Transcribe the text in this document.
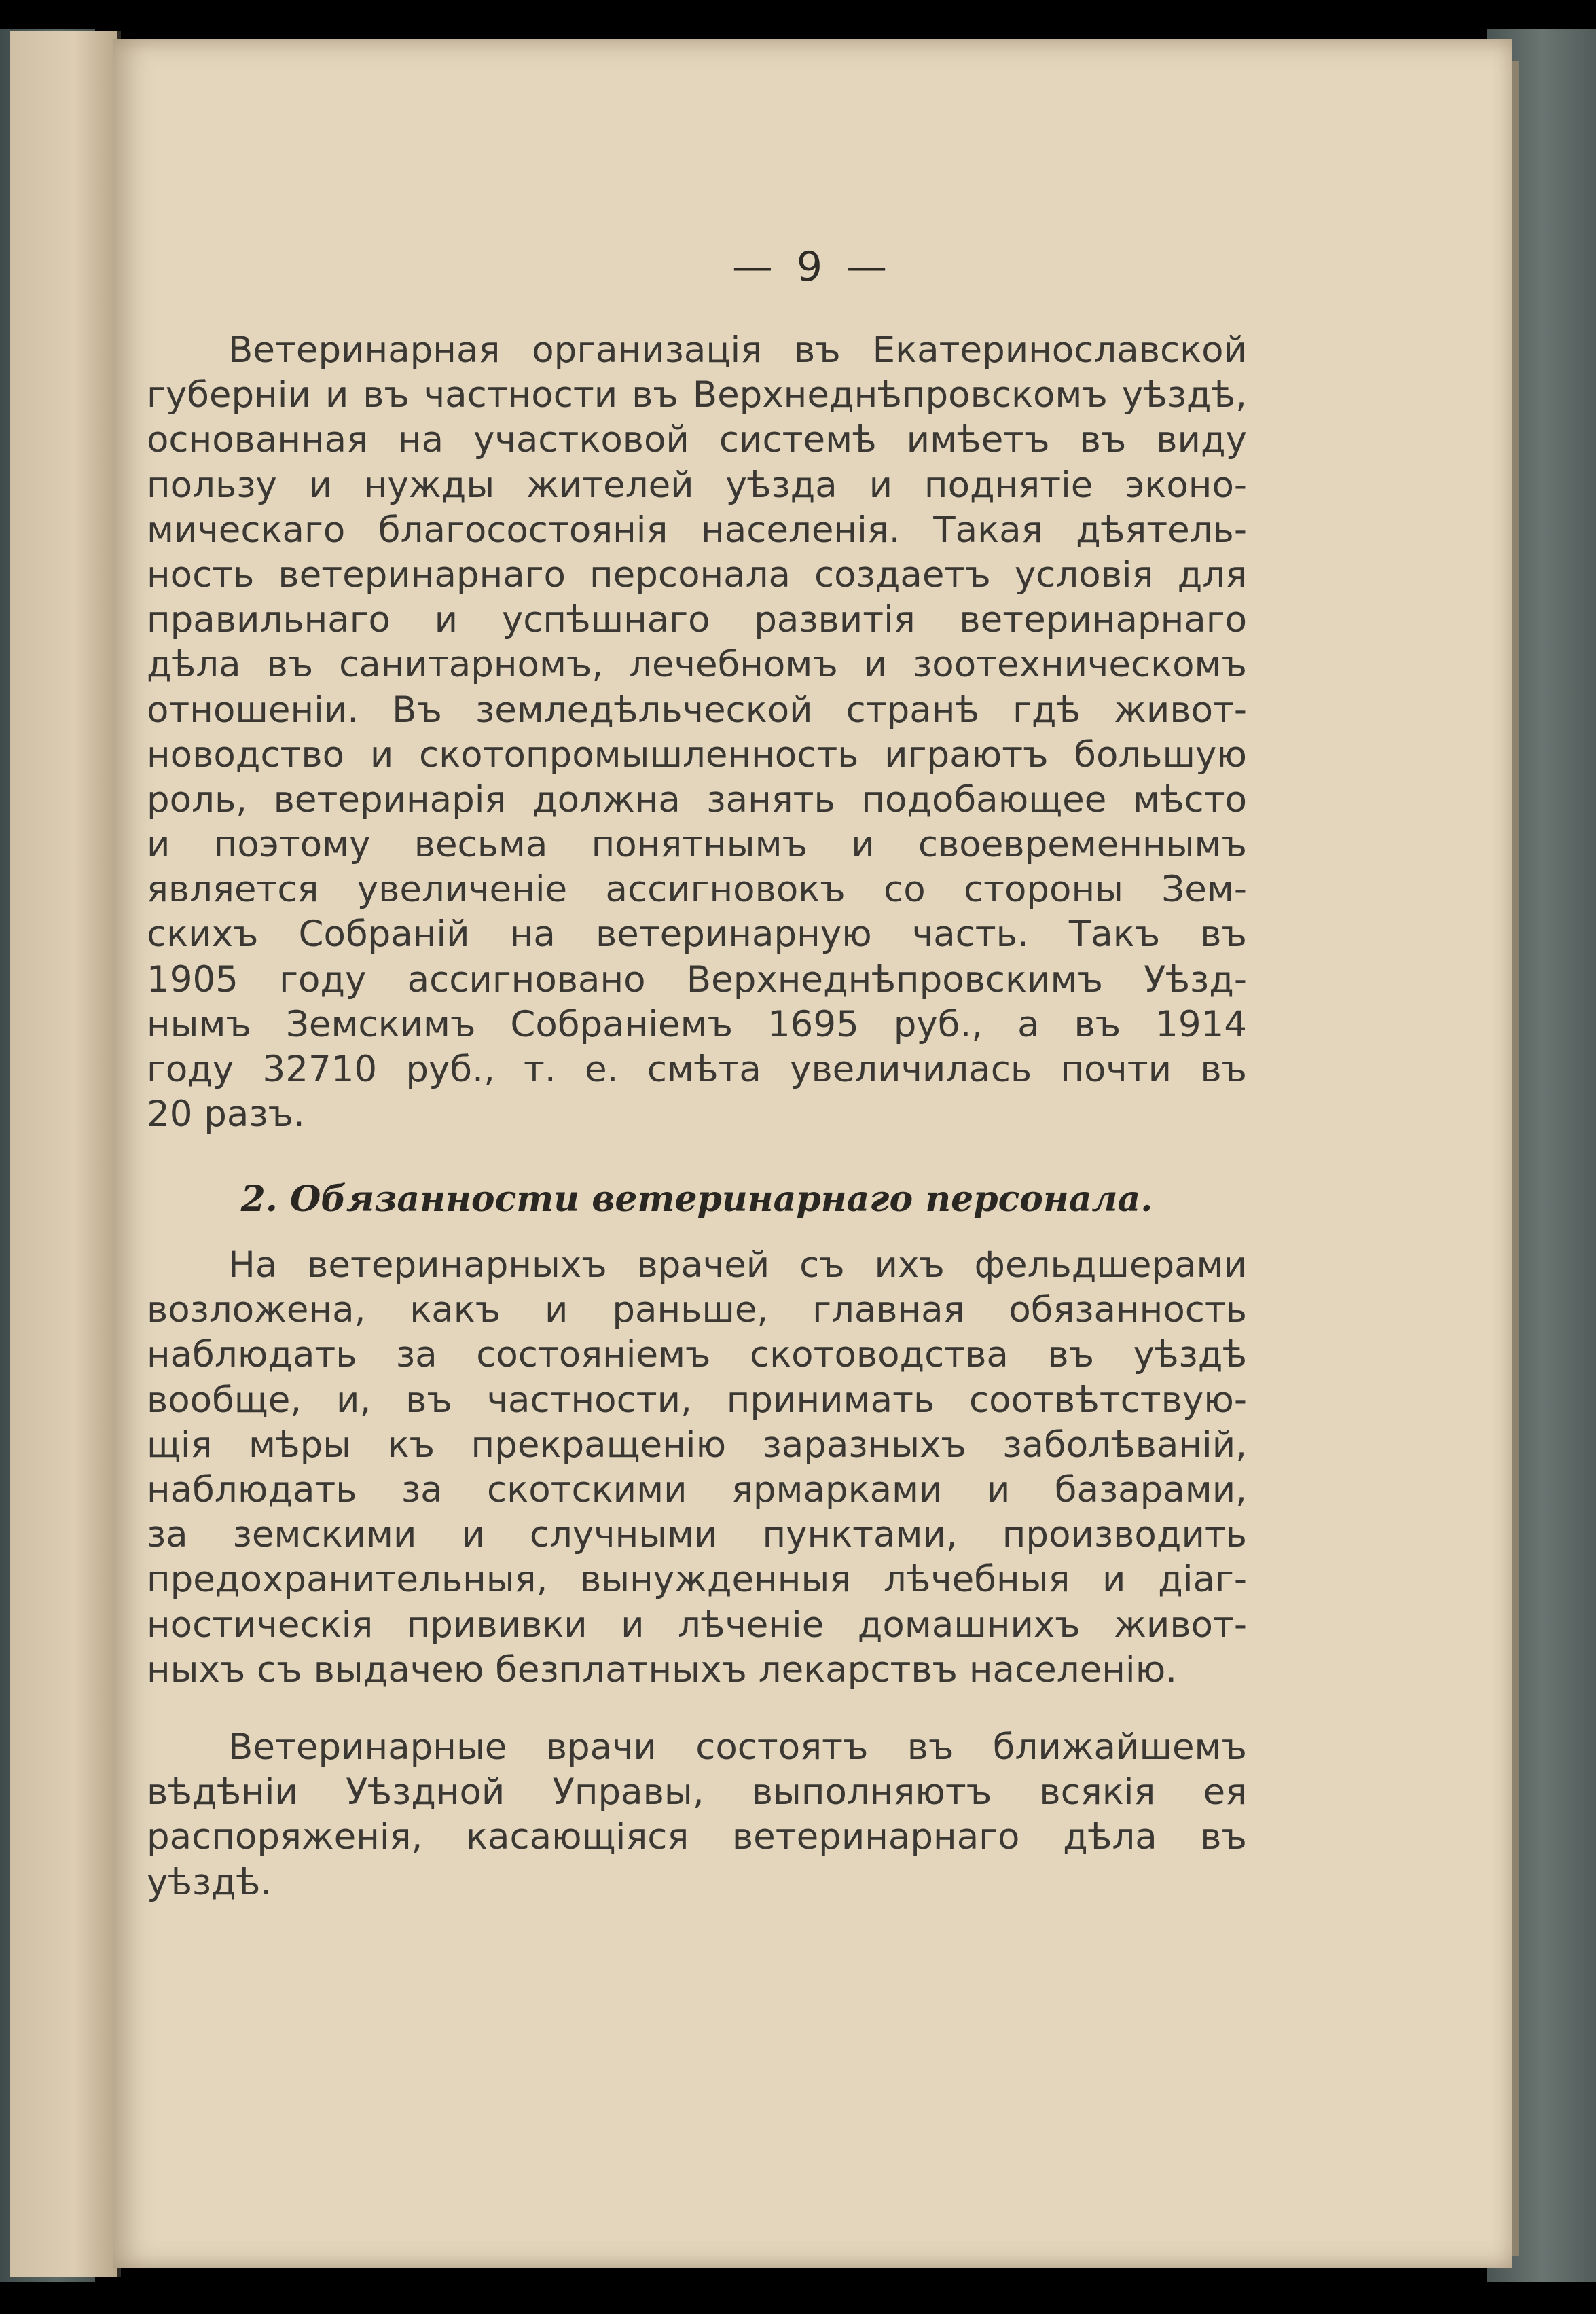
— 9 —
Ветеринарная организацiя въ Екатеринославской
губернiи и въ частности въ Верхнеднѣпровскомъ уѣздѣ,
основанная на участковой системѣ имѣетъ въ виду
пользу и нужды жителей уѣзда и поднятie эконо-
мическаго благосостоянiя населенiя. Такая дѣятель-
ность ветеринарнаго персонала создаетъ условiя для
правильнаго и успѣшнаго развитiя ветеринарнаго
дѣла въ санитарномъ, лечебномъ и зоотехническомъ
отношенiи. Въ земледѣльческой странѣ гдѣ живот-
новодство и скотопромышленность играютъ большую
роль, ветеринарiя должна занять подобающее мѣсто
и поэтому весьма понятнымъ и своевременнымъ
является увеличенie ассигновокъ со стороны Зем-
скихъ Собранiй на ветеринарную часть. Такъ въ
1905 году ассигновано Верхнеднѣпровскимъ Уѣзд-
нымъ Земскимъ Собранiемъ 1695 руб., а въ 1914
году 32710 руб., т. е. смѣта увеличилась почти въ
20 разъ.
2. Обязанности ветеринарнаго персонала.
На ветеринарныхъ врачей съ ихъ фельдшерами
возложена, какъ и раньше, главная обязанность
наблюдать за состоянiемъ скотоводства въ уѣздѣ
вообще, и, въ частности, принимать соотвѣтствую-
щiя мѣры къ прекращенiю заразныхъ заболѣванiй,
наблюдать за скотскими ярмарками и базарами,
за земскими и случными пунктами, производить
предохранительныя, вынужденныя лѣчебныя и дiаг-
ностическiя прививки и лѣченie домашнихъ живот-
ныхъ съ выдачею безплатныхъ лекарствъ населенiю.
Ветеринарные врачи состоятъ въ ближайшемъ
вѣдѣнiи Уѣздной Управы, выполняютъ всякiя ея
распоряженiя, касающiяся ветеринарнаго дѣла въ
уѣздѣ.
